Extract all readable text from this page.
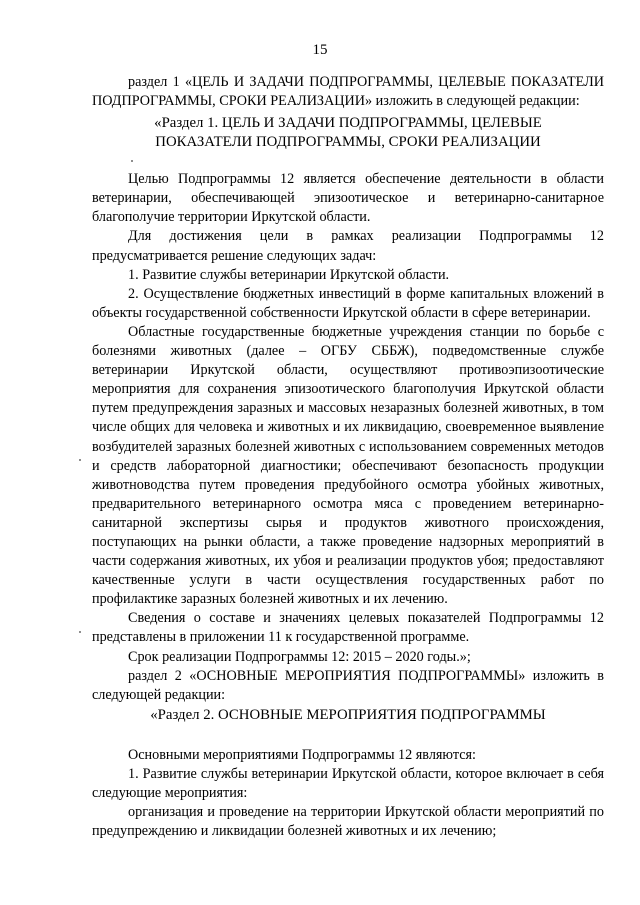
15

раздел 1 «ЦЕЛЬ И ЗАДАЧИ ПОДПРОГРАММЫ, ЦЕЛЕВЫЕ ПОКАЗАТЕЛИ ПОДПРОГРАММЫ, СРОКИ РЕАЛИЗАЦИИ» изложить в следующей редакции:

«Раздел 1. ЦЕЛЬ И ЗАДАЧИ ПОДПРОГРАММЫ, ЦЕЛЕВЫЕ

ПОКАЗАТЕЛИ ПОДПРОГРАММЫ, СРОКИ РЕАЛИЗАЦИИ

Целью Подпрограммы 12 является обеспечение деятельности в области ветеринарии, обеспечивающей эпизоотическое и ветеринарно-санитарное благополучие территории Иркутской области.

Для достижения цели в рамках реализации Подпрограммы 12 предусматривается решение следующих задач:

1. Развитие службы ветеринарии Иркутской области.

2. Осуществление бюджетных инвестиций в форме капитальных вложений в объекты государственной собственности Иркутской области в сфере ветеринарии.

Областные государственные бюджетные учреждения станции по борьбе с болезнями животных (далее – ОГБУ СББЖ), подведомственные службе ветеринарии Иркутской области, осуществляют противоэпизоотические мероприятия для сохранения эпизоотического благополучия Иркутской области путем предупреждения заразных и массовых незаразных болезней животных, в том числе общих для человека и животных и их ликвидацию, своевременное выявление возбудителей заразных болезней животных с использованием современных методов и средств лабораторной диагностики; обеспечивают безопасность продукции животноводства путем проведения предубойного осмотра убойных животных, предварительного ветеринарного осмотра мяса с проведением ветеринарно-санитарной экспертизы сырья и продуктов животного происхождения, поступающих на рынки области, а также проведение надзорных мероприятий в части содержания животных, их убоя и реализации продуктов убоя; предоставляют качественные услуги в части осуществления государственных работ по профилактике заразных болезней животных и их лечению.

Сведения о составе и значениях целевых показателей Подпрограммы 12 представлены в приложении 11 к государственной программе.

Срок реализации Подпрограммы 12: 2015 – 2020 годы.»;

раздел 2 «ОСНОВНЫЕ МЕРОПРИЯТИЯ ПОДПРОГРАММЫ» изложить в следующей редакции:

«Раздел 2. ОСНОВНЫЕ МЕРОПРИЯТИЯ ПОДПРОГРАММЫ

Основными мероприятиями Подпрограммы 12 являются:

1. Развитие службы ветеринарии Иркутской области, которое включает в себя следующие мероприятия:

организация и проведение на территории Иркутской области мероприятий по предупреждению и ликвидации болезней животных и их лечению;
